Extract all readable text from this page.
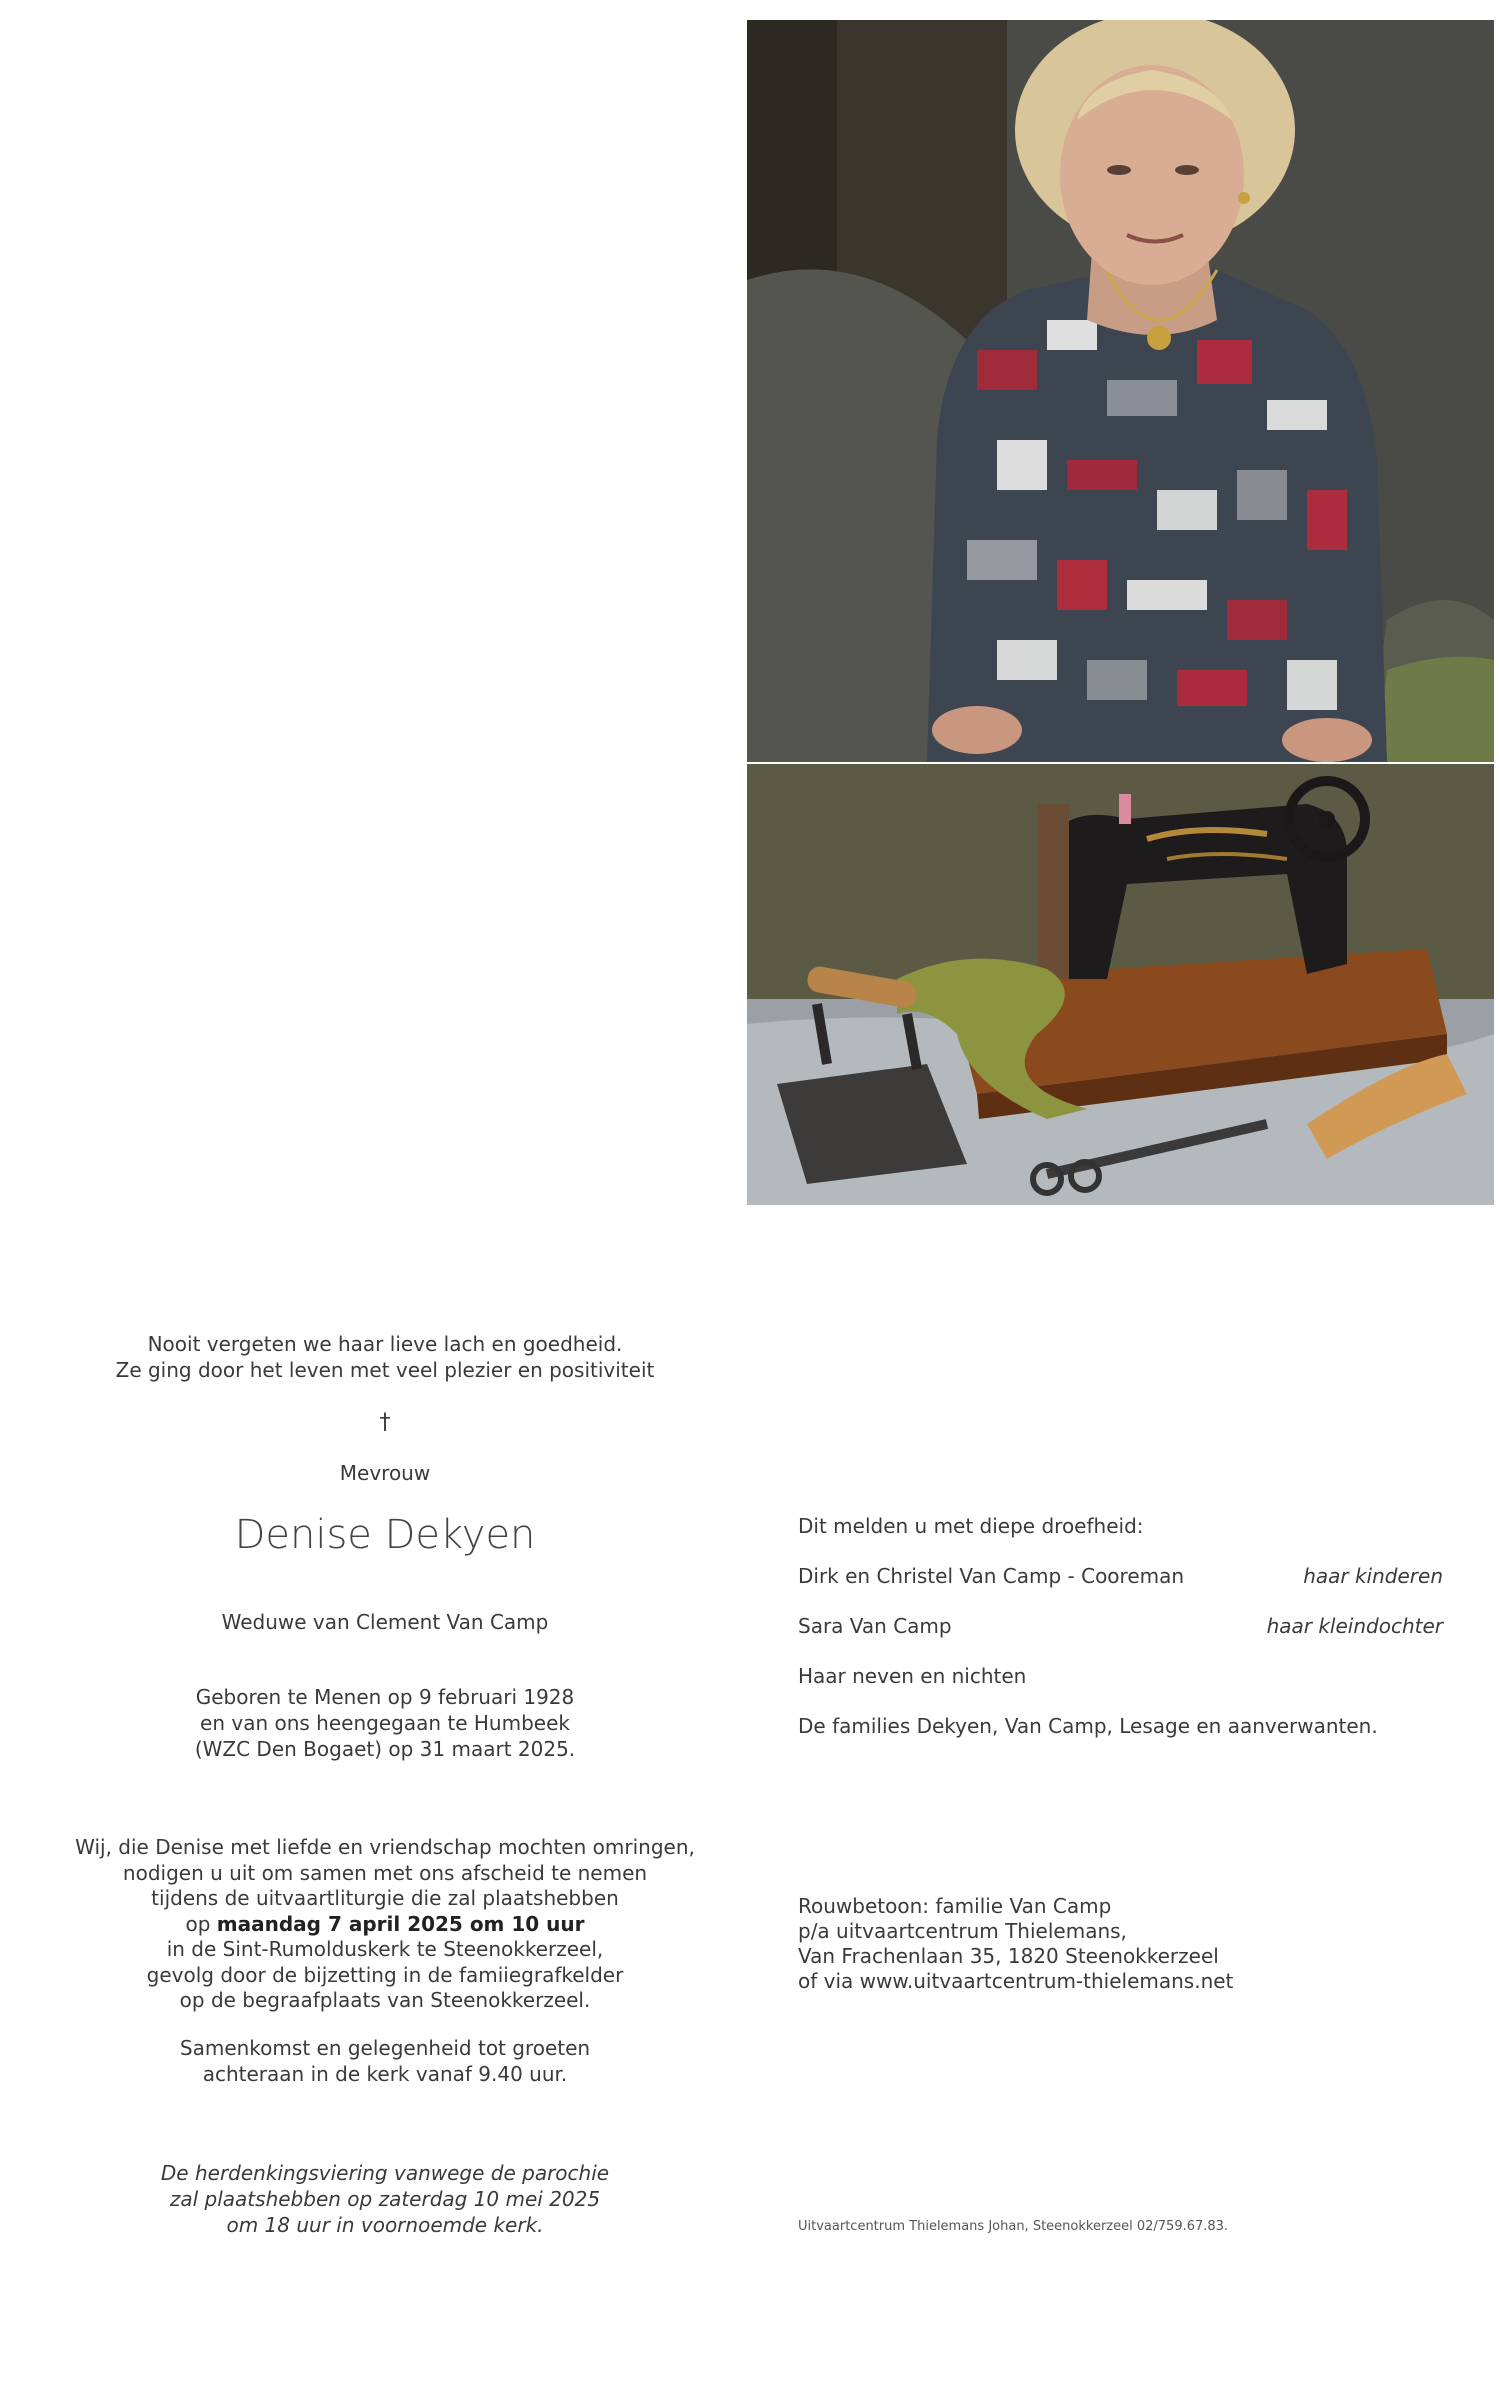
Nooit vergeten we haar lieve lach en goedheid.
Ze ging door het leven met veel plezier en positiviteit
†
Mevrouw
Denise Dekyen
Weduwe van Clement Van Camp
Geboren te Menen op 9 februari 1928
en van ons heengegaan te Humbeek
(WZC Den Bogaet) op 31 maart 2025.
Wij, die Denise met liefde en vriendschap mochten omringen,
nodigen u uit om samen met ons afscheid te nemen
tijdens de uitvaartliturgie die zal plaatshebben
op maandag 7 april 2025 om 10 uur
in de Sint-Rumolduskerk te Steenokkerzeel,
gevolg door de bijzetting in de famiiegrafkelder
op de begraafplaats van Steenokkerzeel.
Samenkomst en gelegenheid tot groeten
achteraan in de kerk vanaf 9.40 uur.
De herdenkingsviering vanwege de parochie
zal plaatshebben op zaterdag 10 mei 2025
om 18 uur in voornoemde kerk.
Dit melden u met diepe droefheid:
Dirk en Christel Van Camp - Cooreman	haar kinderen
Sara Van Camp	haar kleindochter
Haar neven en nichten
De families Dekyen, Van Camp, Lesage en aanverwanten.
Rouwbetoon: familie Van Camp
p/a uitvaartcentrum Thielemans,
Van Frachenlaan 35, 1820 Steenokkerzeel
of via www.uitvaartcentrum-thielemans.net
Uitvaartcentrum Thielemans Johan, Steenokkerzeel 02/759.67.83.
